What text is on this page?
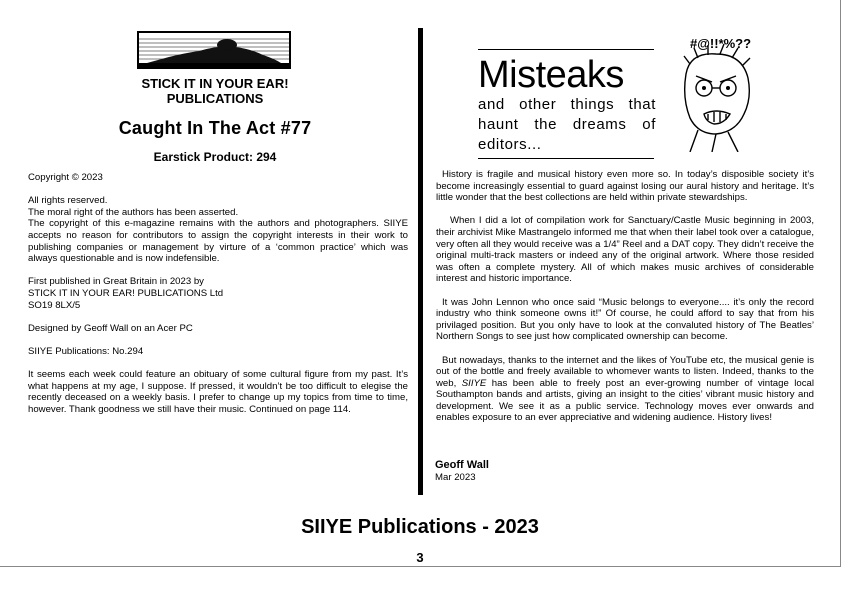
STICK IT IN YOUR EAR!
PUBLICATIONS
Caught In The Act #77
Earstick Product: 294

Copyright © 2023

All rights reserved.
The moral right of the authors has been asserted.
The copyright of this e-magazine remains with the authors and photographers. SIIYE accepts no reason for contributors to assign the copyright interests in their work to publishing companies or management by virture of a ‘common practice’ which was always questionable and is now indefensible.

First published in Great Britain in 2023 by
STICK IT IN YOUR EAR! PUBLICATIONS Ltd
SO19 8LX/5

Designed by Geoff Wall on an Acer PC

SIIYE Publications: No.294

It seems each week could feature an obituary of some cultural figure from my past. It’s what happens at my age, I suppose. If pressed, it wouldn’t be too difficult to elegise the recently deceased on a weekly basis. I prefer to change up my topics from time to time, however. Thank goodness we still have their music. Continued on page 114.

Misteaks
and other things that haunt the dreams of editors...
#@!!*%??

History is fragile and musical history even more so. In today’s disposible society it’s become increasingly essential to guard against losing our aural history and heritage. It’s little wonder that the best collections are held within private stewardships.

When I did a lot of compilation work for Sanctuary/Castle Music beginning in 2003, their archivist Mike Mastrangelo informed me that when their label took over a catalogue, very often all they would receive was a 1/4” Reel and a DAT copy. They didn’t receive the original multi-track masters or indeed any of the original artwork. Where those resided was often a complete mystery. All of which makes music archives of considerable interest and historic importance.

It was John Lennon who once said “Music belongs to everyone.... it’s only the record industry who think someone owns it!” Of course, he could afford to say that from his privilaged position. But you only have to look at the convaluted history of The Beatles’ Northern Songs to see just how complicated ownership can become.

But nowadays, thanks to the internet and the likes of YouTube etc, the musical genie is out of the bottle and freely available to whomever wants to listen. Indeed, thanks to the web, SIIYE has been able to freely post an ever-growing number of vintage local Southampton bands and artists, giving an insight to the cities’ vibrant music history and development. We see it as a public service. Technology moves ever onwards and enables exposure to an ever appreciative and widening audience. History lives!

Geoff Wall
Mar 2023
SIIYE Publications - 2023
3
